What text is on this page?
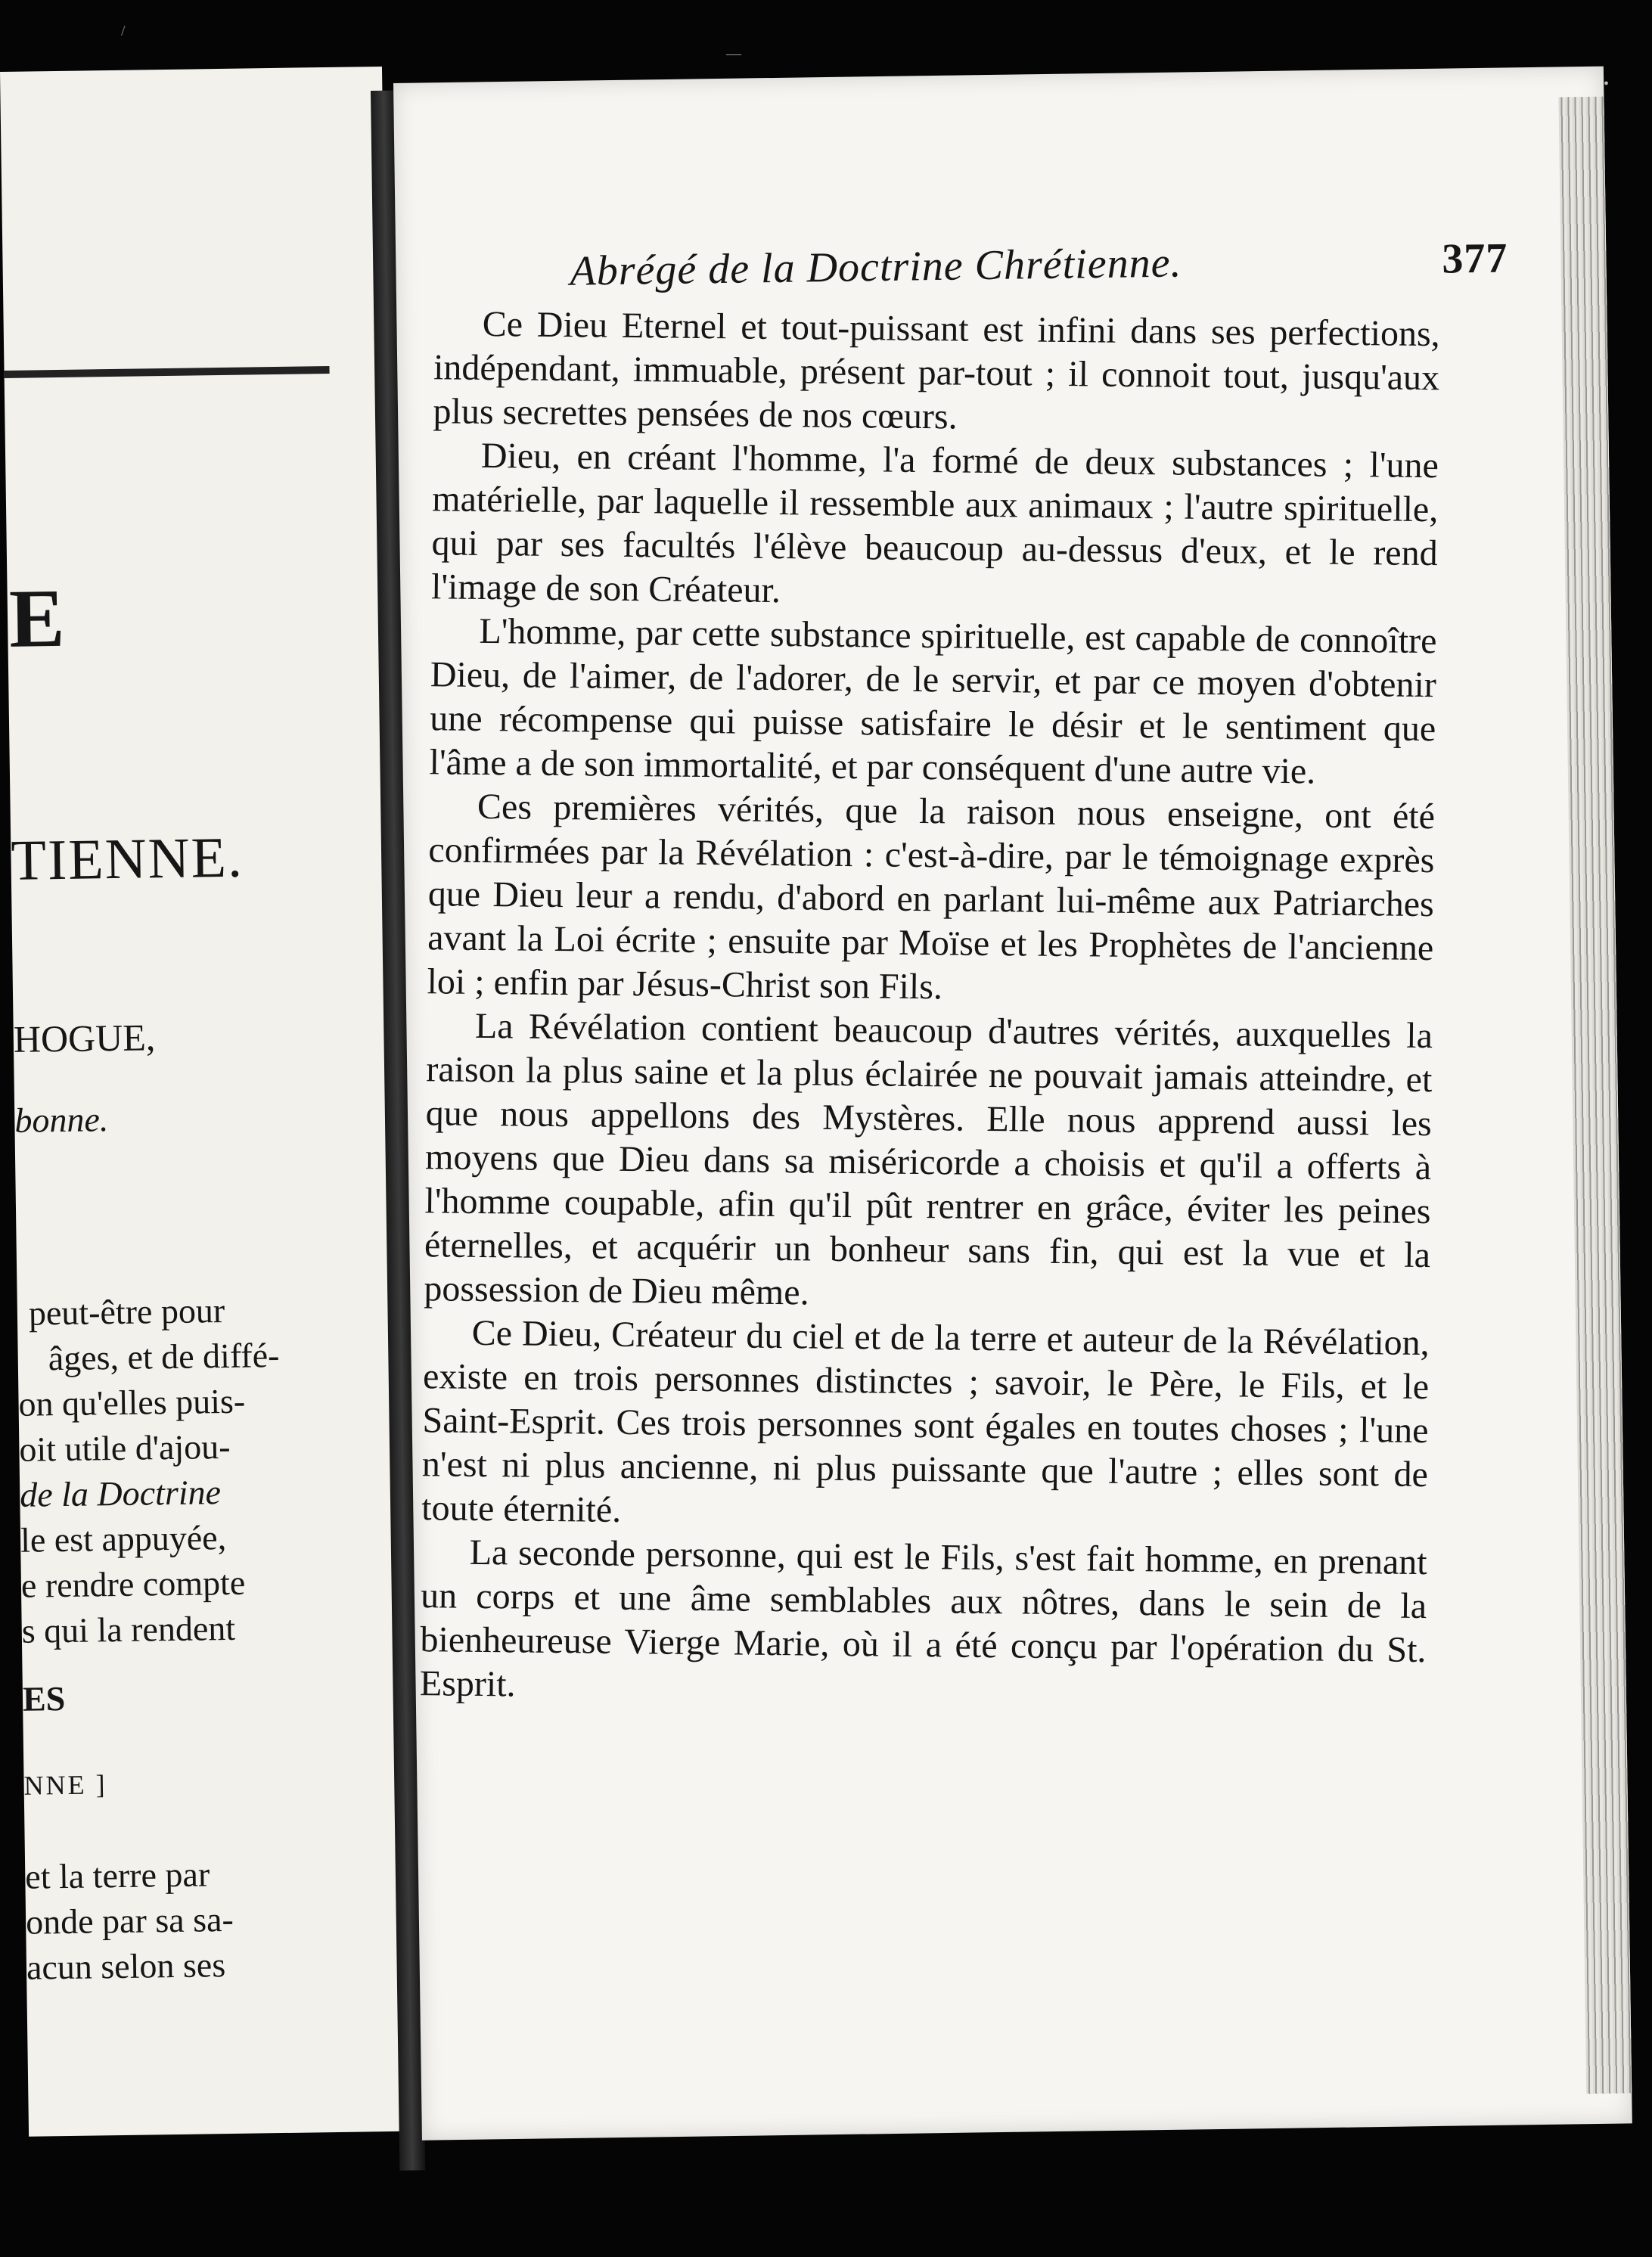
E
TIENNE.
HOGUE,
bonne.
peut-être pour
âges, et de diffé-
on qu'elles puis-
oit utile d'ajou-
de la Doctrine
le est appuyée,
e rendre compte
s qui la rendent
ES
NNE ]
et la terre par
onde par sa sa-
acun selon ses
Abrégé de la Doctrine Chrétienne.	377

Ce Dieu Eternel et tout-puissant est infini dans ses perfections, indépendant, immuable, présent par-tout ; il connoit tout, jusqu'aux plus secrettes pensées de nos cœurs.

Dieu, en créant l'homme, l'a formé de deux substances ; l'une matérielle, par laquelle il ressemble aux animaux ; l'autre spirituelle, qui par ses facultés l'élève beaucoup au-dessus d'eux, et le rend l'image de son Créateur.

L'homme, par cette substance spirituelle, est capable de connoître Dieu, de l'aimer, de l'adorer, de le servir, et par ce moyen d'obtenir une récompense qui puisse satisfaire le désir et le sentiment que l'âme a de son immortalité, et par conséquent d'une autre vie.

Ces premières vérités, que la raison nous enseigne, ont été confirmées par la Révélation : c'est-à-dire, par le témoignage exprès que Dieu leur a rendu, d'abord en parlant lui-même aux Patriarches avant la Loi écrite ; ensuite par Moïse et les Prophètes de l'ancienne loi ; enfin par Jésus-Christ son Fils.

La Révélation contient beaucoup d'autres vérités, auxquelles la raison la plus saine et la plus éclairée ne pouvait jamais atteindre, et que nous appellons des Mystères. Elle nous apprend aussi les moyens que Dieu dans sa miséricorde a choisis et qu'il a offerts à l'homme coupable, afin qu'il pût rentrer en grâce, éviter les peines éternelles, et acquérir un bonheur sans fin, qui est la vue et la possession de Dieu même.

Ce Dieu, Créateur du ciel et de la terre et auteur de la Révélation, existe en trois personnes distinctes ; savoir, le Père, le Fils, et le Saint-Esprit. Ces trois personnes sont égales en toutes choses ; l'une n'est ni plus ancienne, ni plus puissante que l'autre ; elles sont de toute éternité.

La seconde personne, qui est le Fils, s'est fait homme, en prenant un corps et une âme semblables aux nôtres, dans le sein de la bienheureuse Vierge Marie, où il a été conçu par l'opération du St. Esprit.

/
—
•
